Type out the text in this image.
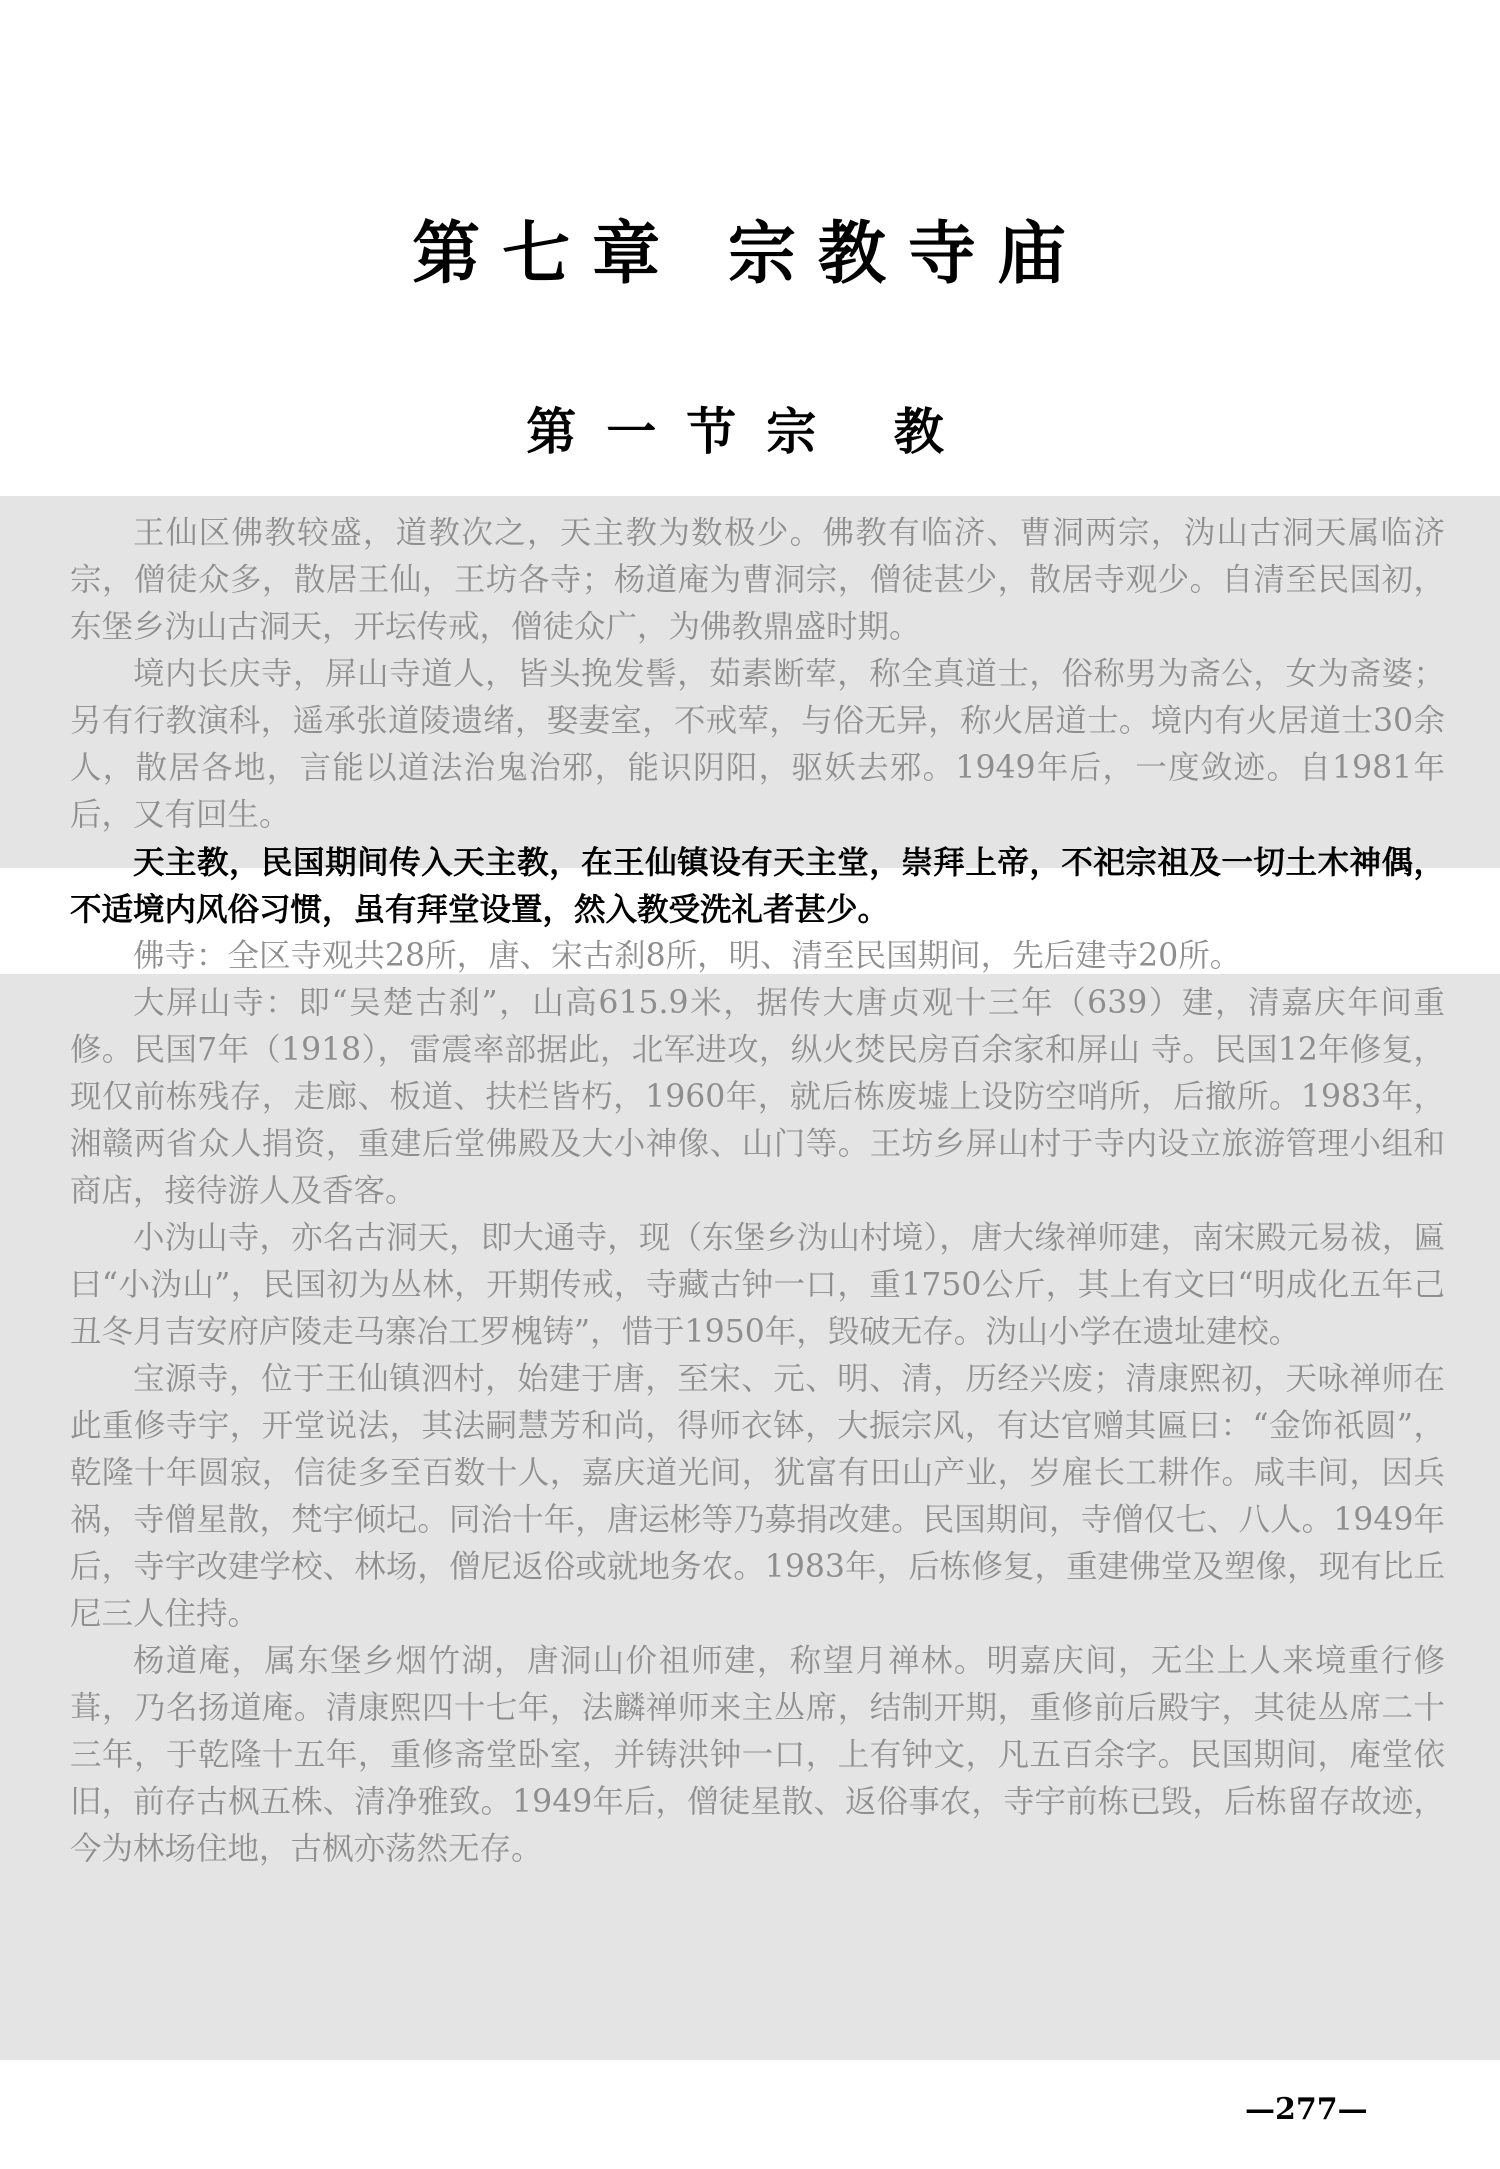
第七章 宗教寺庙
第一节宗 教

王仙区佛教较盛，道教次之，天主教为数极少。佛教有临济、曹洞两宗，沩山古洞天属临济宗，僧徒众多，散居王仙，王坊各寺；杨道庵为曹洞宗，僧徒甚少，散居寺观少。自清至民国初，东堡乡沩山古洞天，开坛传戒，僧徒众广，为佛教鼎盛时期。

境内长庆寺，屏山寺道人，皆头挽发髻，茹素断荤，称全真道士，俗称男为斋公，女为斋婆；另有行教演科，遥承张道陵遗绪，娶妻室，不戒荤，与俗无异，称火居道士。境内有火居道士30余人，散居各地，言能以道法治鬼治邪，能识阴阳，驱妖去邪。1949年后，一度敛迹。自1981年后，又有回生。

天主教，民国期间传入天主教，在王仙镇设有天主堂，崇拜上帝，不祀宗祖及一切土木神偶，不适境内风俗习惯，虽有拜堂设置，然入教受洗礼者甚少。

佛寺：全区寺观共28所，唐、宋古刹8所，明、清至民国期间，先后建寺20所。

大屏山寺：即“吴楚古刹”，山高615.9米，据传大唐贞观十三年（639）建，清嘉庆年间重修。民国7年（1918），雷震率部据此，北军进攻，纵火焚民房百余家和屏山 寺。民国12年修复，现仅前栋残存，走廊、板道、扶栏皆朽，1960年，就后栋废墟上设防空哨所，后撤所。1983年，湘赣两省众人捐资，重建后堂佛殿及大小神像、山门等。王坊乡屏山村于寺内设立旅游管理小组和商店，接待游人及香客。

小沩山寺，亦名古洞天，即大通寺，现（东堡乡沩山村境），唐大缘禅师建，南宋殿元易祓，匾曰“小沩山”，民国初为丛林，开期传戒，寺藏古钟一口，重1750公斤，其上有文曰“明成化五年己丑冬月吉安府庐陵走马寨冶工罗槐铸”，惜于1950年，毁破无存。沩山小学在遗址建校。

宝源寺，位于王仙镇泗村，始建于唐，至宋、元、明、清，历经兴废；清康熙初，天咏禅师在此重修寺宇，开堂说法，其法嗣慧芳和尚，得师衣钵，大振宗风，有达官赠其匾曰：“金饰祇圆”，乾隆十年圆寂，信徒多至百数十人，嘉庆道光间，犹富有田山产业，岁雇长工耕作。咸丰间，因兵祸，寺僧星散，梵宇倾圮。同治十年，唐运彬等乃募捐改建。民国期间，寺僧仅七、八人。1949年后，寺宇改建学校、林场，僧尼返俗或就地务农。1983年，后栋修复，重建佛堂及塑像，现有比丘尼三人住持。

杨道庵，属东堡乡烟竹湖，唐洞山价祖师建，称望月禅林。明嘉庆间，无尘上人来境重行修葺，乃名扬道庵。清康熙四十七年，法麟禅师来主丛席，结制开期，重修前后殿宇，其徒丛席二十三年，于乾隆十五年，重修斋堂卧室，并铸洪钟一口，上有钟文，凡五百余字。民国期间，庵堂依旧，前存古枫五株、清净雅致。1949年后，僧徒星散、返俗事农，寺宇前栋已毁，后栋留存故迹，今为林场住地，古枫亦荡然无存。

—277—
